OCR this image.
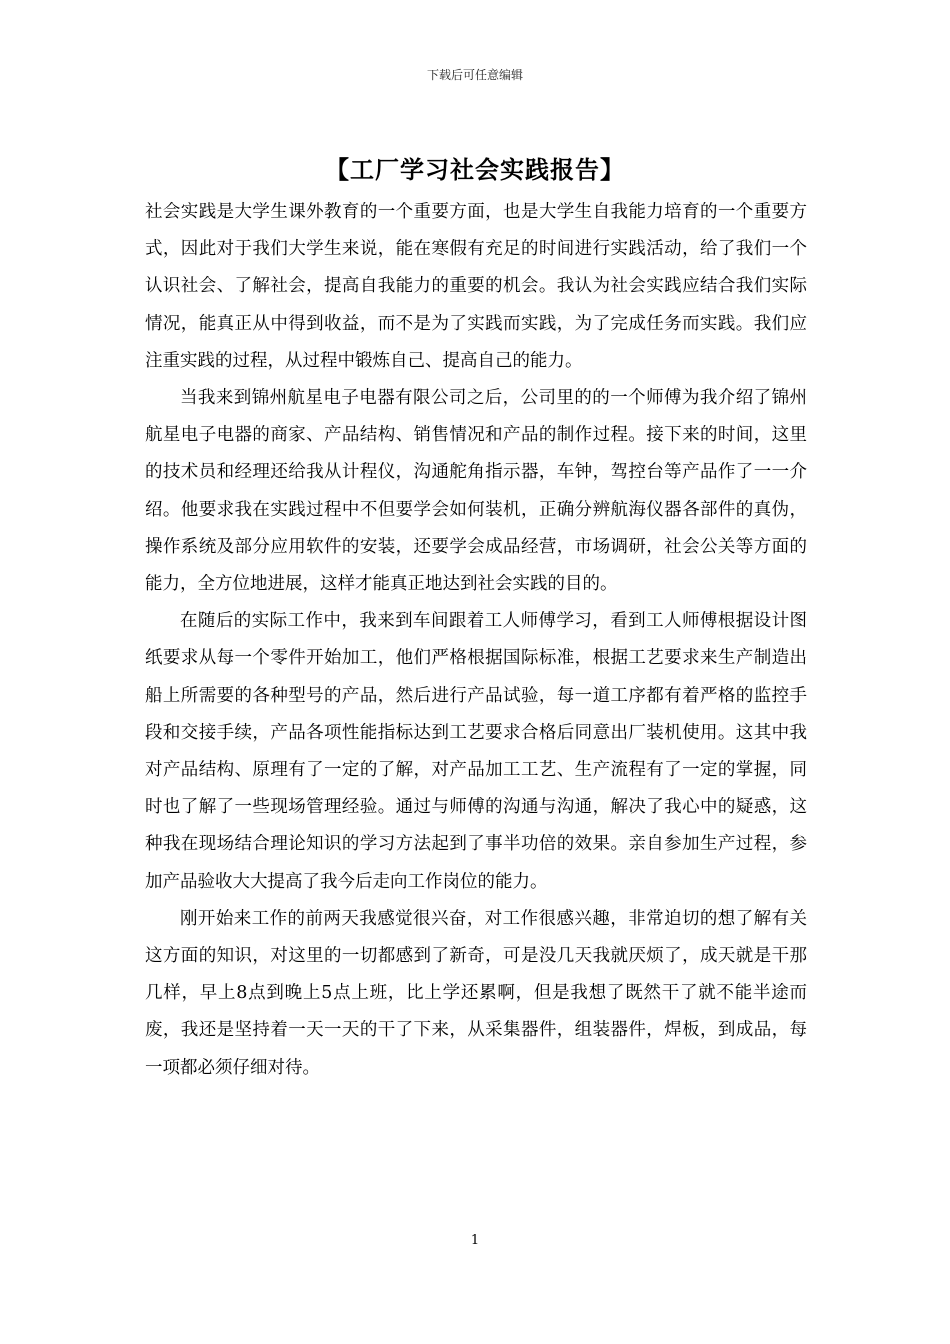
下载后可任意编辑
【工厂学习社会实践报告】

社会实践是大学生课外教育的一个重要方面，也是大学生自我能力培育的一个重要方式，因此对于我们大学生来说，能在寒假有充足的时间进行实践活动，给了我们一个认识社会、了解社会，提高自我能力的重要的机会。我认为社会实践应结合我们实际情况，能真正从中得到收益，而不是为了实践而实践，为了完成任务而实践。我们应注重实践的过程，从过程中锻炼自己、提高自己的能力。

当我来到锦州航星电子电器有限公司之后，公司里的的一个师傅为我介绍了锦州航星电子电器的商家、产品结构、销售情况和产品的制作过程。接下来的时间，这里的技术员和经理还给我从计程仪，沟通舵角指示器，车钟，驾控台等产品作了一一介绍。他要求我在实践过程中不但要学会如何装机，正确分辨航海仪器各部件的真伪，操作系统及部分应用软件的安装，还要学会成品经营，市场调研，社会公关等方面的能力，全方位地进展，这样才能真正地达到社会实践的目的。

在随后的实际工作中，我来到车间跟着工人师傅学习，看到工人师傅根据设计图纸要求从每一个零件开始加工，他们严格根据国际标准，根据工艺要求来生产制造出船上所需要的各种型号的产品，然后进行产品试验，每一道工序都有着严格的监控手段和交接手续，产品各项性能指标达到工艺要求合格后同意出厂装机使用。这其中我对产品结构、原理有了一定的了解，对产品加工工艺、生产流程有了一定的掌握，同时也了解了一些现场管理经验。通过与师傅的沟通与沟通，解决了我心中的疑惑，这种我在现场结合理论知识的学习方法起到了事半功倍的效果。亲自参加生产过程，参加产品验收大大提高了我今后走向工作岗位的能力。

刚开始来工作的前两天我感觉很兴奋，对工作很感兴趣，非常迫切的想了解有关这方面的知识，对这里的一切都感到了新奇，可是没几天我就厌烦了，成天就是干那几样，早上8点到晚上5点上班，比上学还累啊，但是我想了既然干了就不能半途而废，我还是坚持着一天一天的干了下来，从采集器件，组装器件，焊板，到成品，每一项都必须仔细对待。

1
